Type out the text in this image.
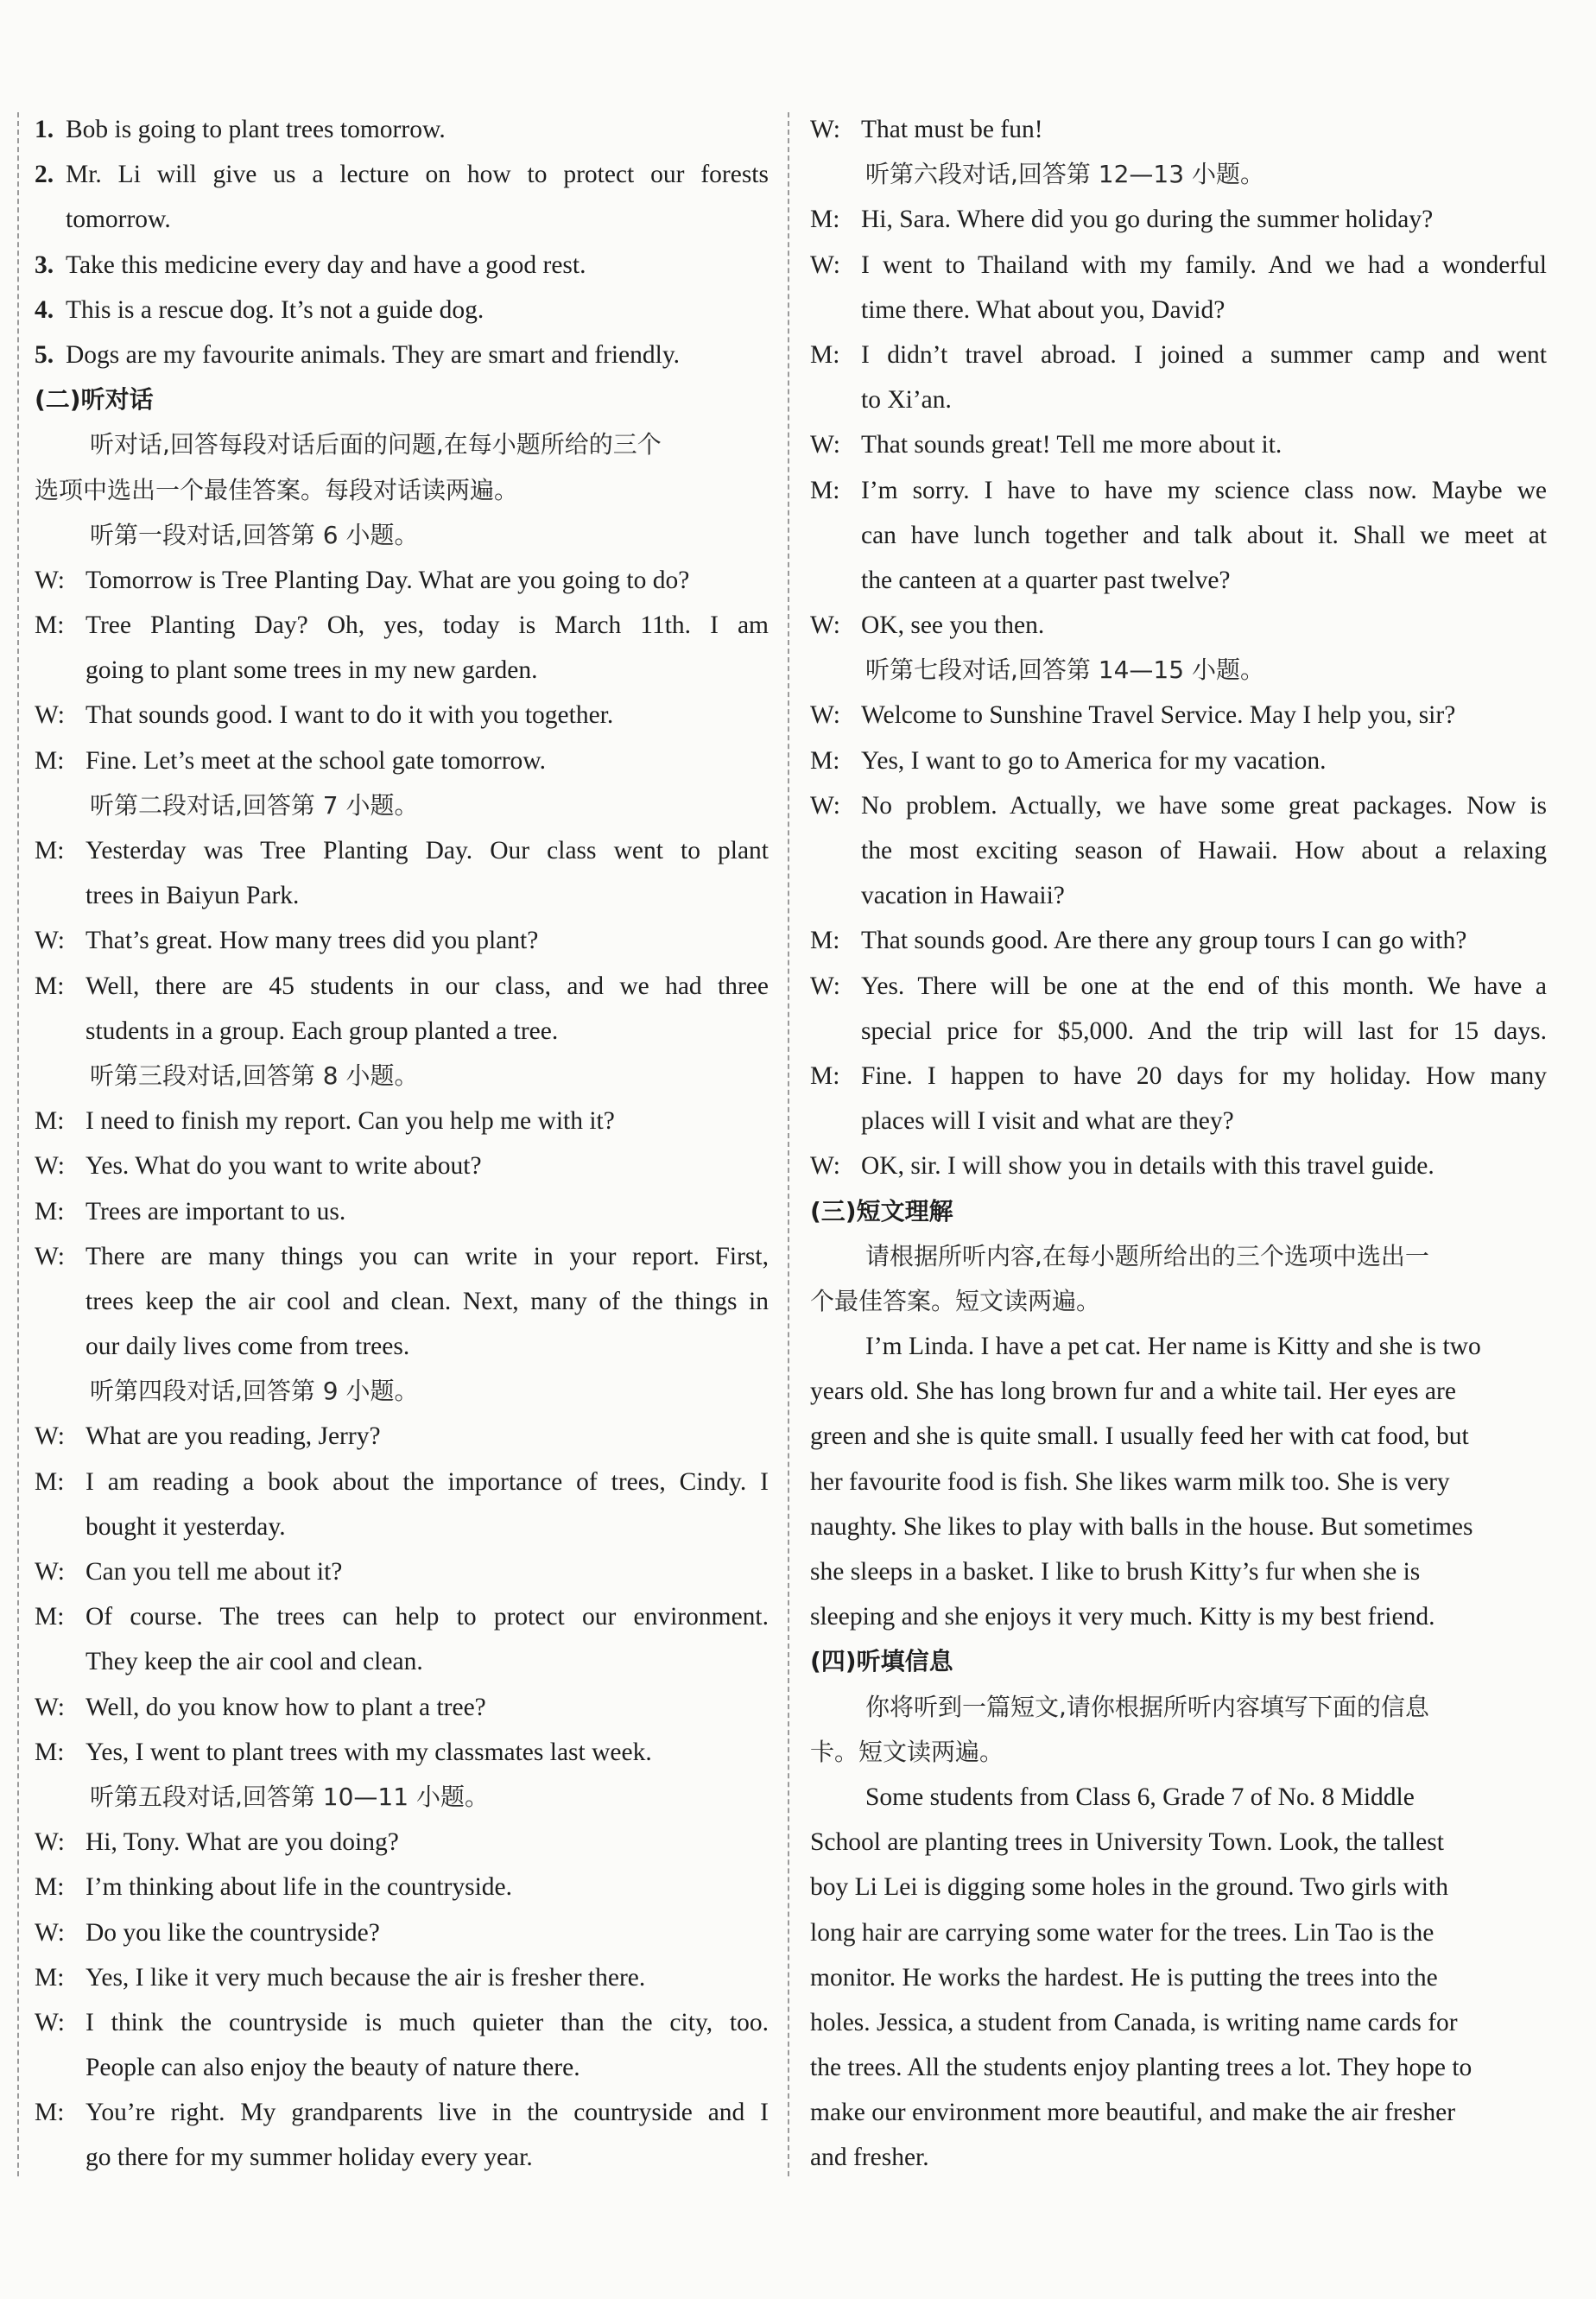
1. Bob is going to plant trees tomorrow.
2. Mr. Li will give us a lecture on how to protect our forests
tomorrow.
3. Take this medicine every day and have a good rest.
4. This is a rescue dog. It’s not a guide dog.
5. Dogs are my favourite animals. They are smart and friendly.
(二)听对话
听对话,回答每段对话后面的问题,在每小题所给的三个
选项中选出一个最佳答案。每段对话读两遍。
听第一段对话,回答第 6 小题。
W: Tomorrow is Tree Planting Day. What are you going to do?
M: Tree Planting Day? Oh, yes, today is March 11th. I am
going to plant some trees in my new garden.
W: That sounds good. I want to do it with you together.
M: Fine. Let’s meet at the school gate tomorrow.
听第二段对话,回答第 7 小题。
M: Yesterday was Tree Planting Day. Our class went to plant
trees in Baiyun Park.
W: That’s great. How many trees did you plant?
M: Well, there are 45 students in our class, and we had three
students in a group. Each group planted a tree.
听第三段对话,回答第 8 小题。
M: I need to finish my report. Can you help me with it?
W: Yes. What do you want to write about?
M: Trees are important to us.
W: There are many things you can write in your report. First,
trees keep the air cool and clean. Next, many of the things in
our daily lives come from trees.
听第四段对话,回答第 9 小题。
W: What are you reading, Jerry?
M: I am reading a book about the importance of trees, Cindy. I
bought it yesterday.
W: Can you tell me about it?
M: Of course. The trees can help to protect our environment.
They keep the air cool and clean.
W: Well, do you know how to plant a tree?
M: Yes, I went to plant trees with my classmates last week.
听第五段对话,回答第 10—11 小题。
W: Hi, Tony. What are you doing?
M: I’m thinking about life in the countryside.
W: Do you like the countryside?
M: Yes, I like it very much because the air is fresher there.
W: I think the countryside is much quieter than the city, too.
People can also enjoy the beauty of nature there.
M: You’re right. My grandparents live in the countryside and I
go there for my summer holiday every year.
W: That must be fun!
听第六段对话,回答第 12—13 小题。
M: Hi, Sara. Where did you go during the summer holiday?
W: I went to Thailand with my family. And we had a wonderful
time there. What about you, David?
M: I didn’t travel abroad. I joined a summer camp and went
to Xi’an.
W: That sounds great! Tell me more about it.
M: I’m sorry. I have to have my science class now. Maybe we
can have lunch together and talk about it. Shall we meet at
the canteen at a quarter past twelve?
W: OK, see you then.
听第七段对话,回答第 14—15 小题。
W: Welcome to Sunshine Travel Service. May I help you, sir?
M: Yes, I want to go to America for my vacation.
W: No problem. Actually, we have some great packages. Now is
the most exciting season of Hawaii. How about a relaxing
vacation in Hawaii?
M: That sounds good. Are there any group tours I can go with?
W: Yes. There will be one at the end of this month. We have a
special price for $5,000. And the trip will last for 15 days.
M: Fine. I happen to have 20 days for my holiday. How many
places will I visit and what are they?
W: OK, sir. I will show you in details with this travel guide.
(三)短文理解
请根据所听内容,在每小题所给出的三个选项中选出一
个最佳答案。短文读两遍。
I’m Linda. I have a pet cat. Her name is Kitty and she is two
years old. She has long brown fur and a white tail. Her eyes are
green and she is quite small. I usually feed her with cat food, but
her favourite food is fish. She likes warm milk too. She is very
naughty. She likes to play with balls in the house. But sometimes
she sleeps in a basket. I like to brush Kitty’s fur when she is
sleeping and she enjoys it very much. Kitty is my best friend.
(四)听填信息
你将听到一篇短文,请你根据所听内容填写下面的信息
卡。短文读两遍。
Some students from Class 6, Grade 7 of No. 8 Middle
School are planting trees in University Town. Look, the tallest
boy Li Lei is digging some holes in the ground. Two girls with
long hair are carrying some water for the trees. Lin Tao is the
monitor. He works the hardest. He is putting the trees into the
holes. Jessica, a student from Canada, is writing name cards for
the trees. All the students enjoy planting trees a lot. They hope to
make our environment more beautiful, and make the air fresher
and fresher.
